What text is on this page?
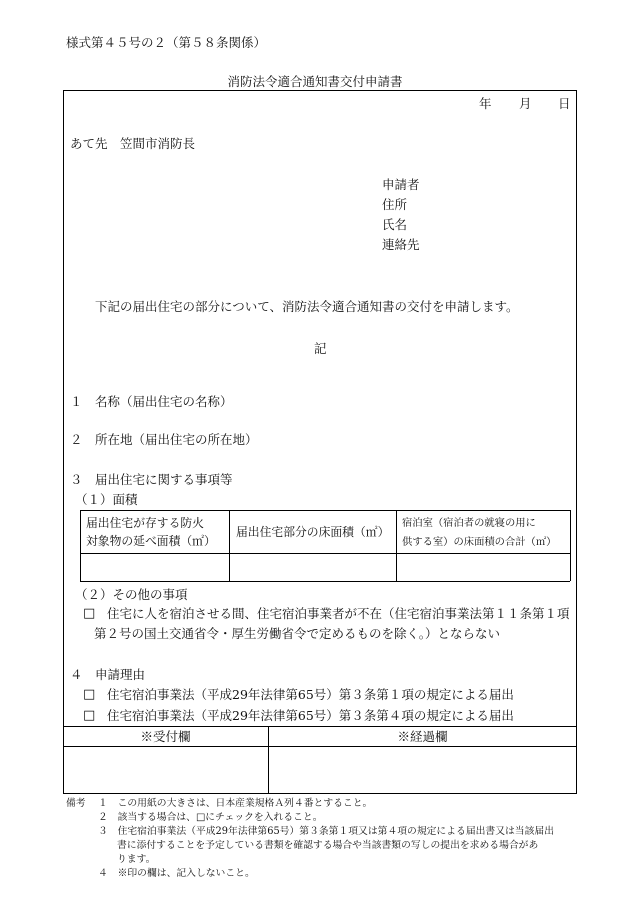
様式第４５号の２（第５８条関係）
消防法令適合通知書交付申請書
年 月 日
あて先　笠間市消防長
申請者
住所
氏名
連絡先
下記の届出住宅の部分について、消防法令適合通知書の交付を申請します。
記
１　名称（届出住宅の名称）
２　所在地（届出住宅の所在地）
３　届出住宅に関する事項等
（１）面積
届出住宅が存する防火
対象物の延べ面積（㎡）
届出住宅部分の床面積（㎡）
宿泊室（宿泊者の就寝の用に
供する室）の床面積の合計（㎡）
（２）その他の事項
□ 住宅に人を宿泊させる間、住宅宿泊事業者が不在（住宅宿泊事業法第１１条第１項
第２号の国土交通省令・厚生労働省令で定めるものを除く。）とならない
４　申請理由
□ 住宅宿泊事業法（平成29年法律第65号）第３条第１項の規定による届出
□ 住宅宿泊事業法（平成29年法律第65号）第３条第４項の規定による届出
※受付欄	※経過欄
備考 １　この用紙の大きさは、日本産業規格Ａ列４番とすること。
２　該当する場合は、□にチェックを入れること。
３　住宅宿泊事業法（平成29年法律第65号）第３条第１項又は第４項の規定による届出書又は当該届出
書に添付することを予定している書類を確認する場合や当該書類の写しの提出を求める場合があ
ります。
４　※印の欄は、記入しないこと。
